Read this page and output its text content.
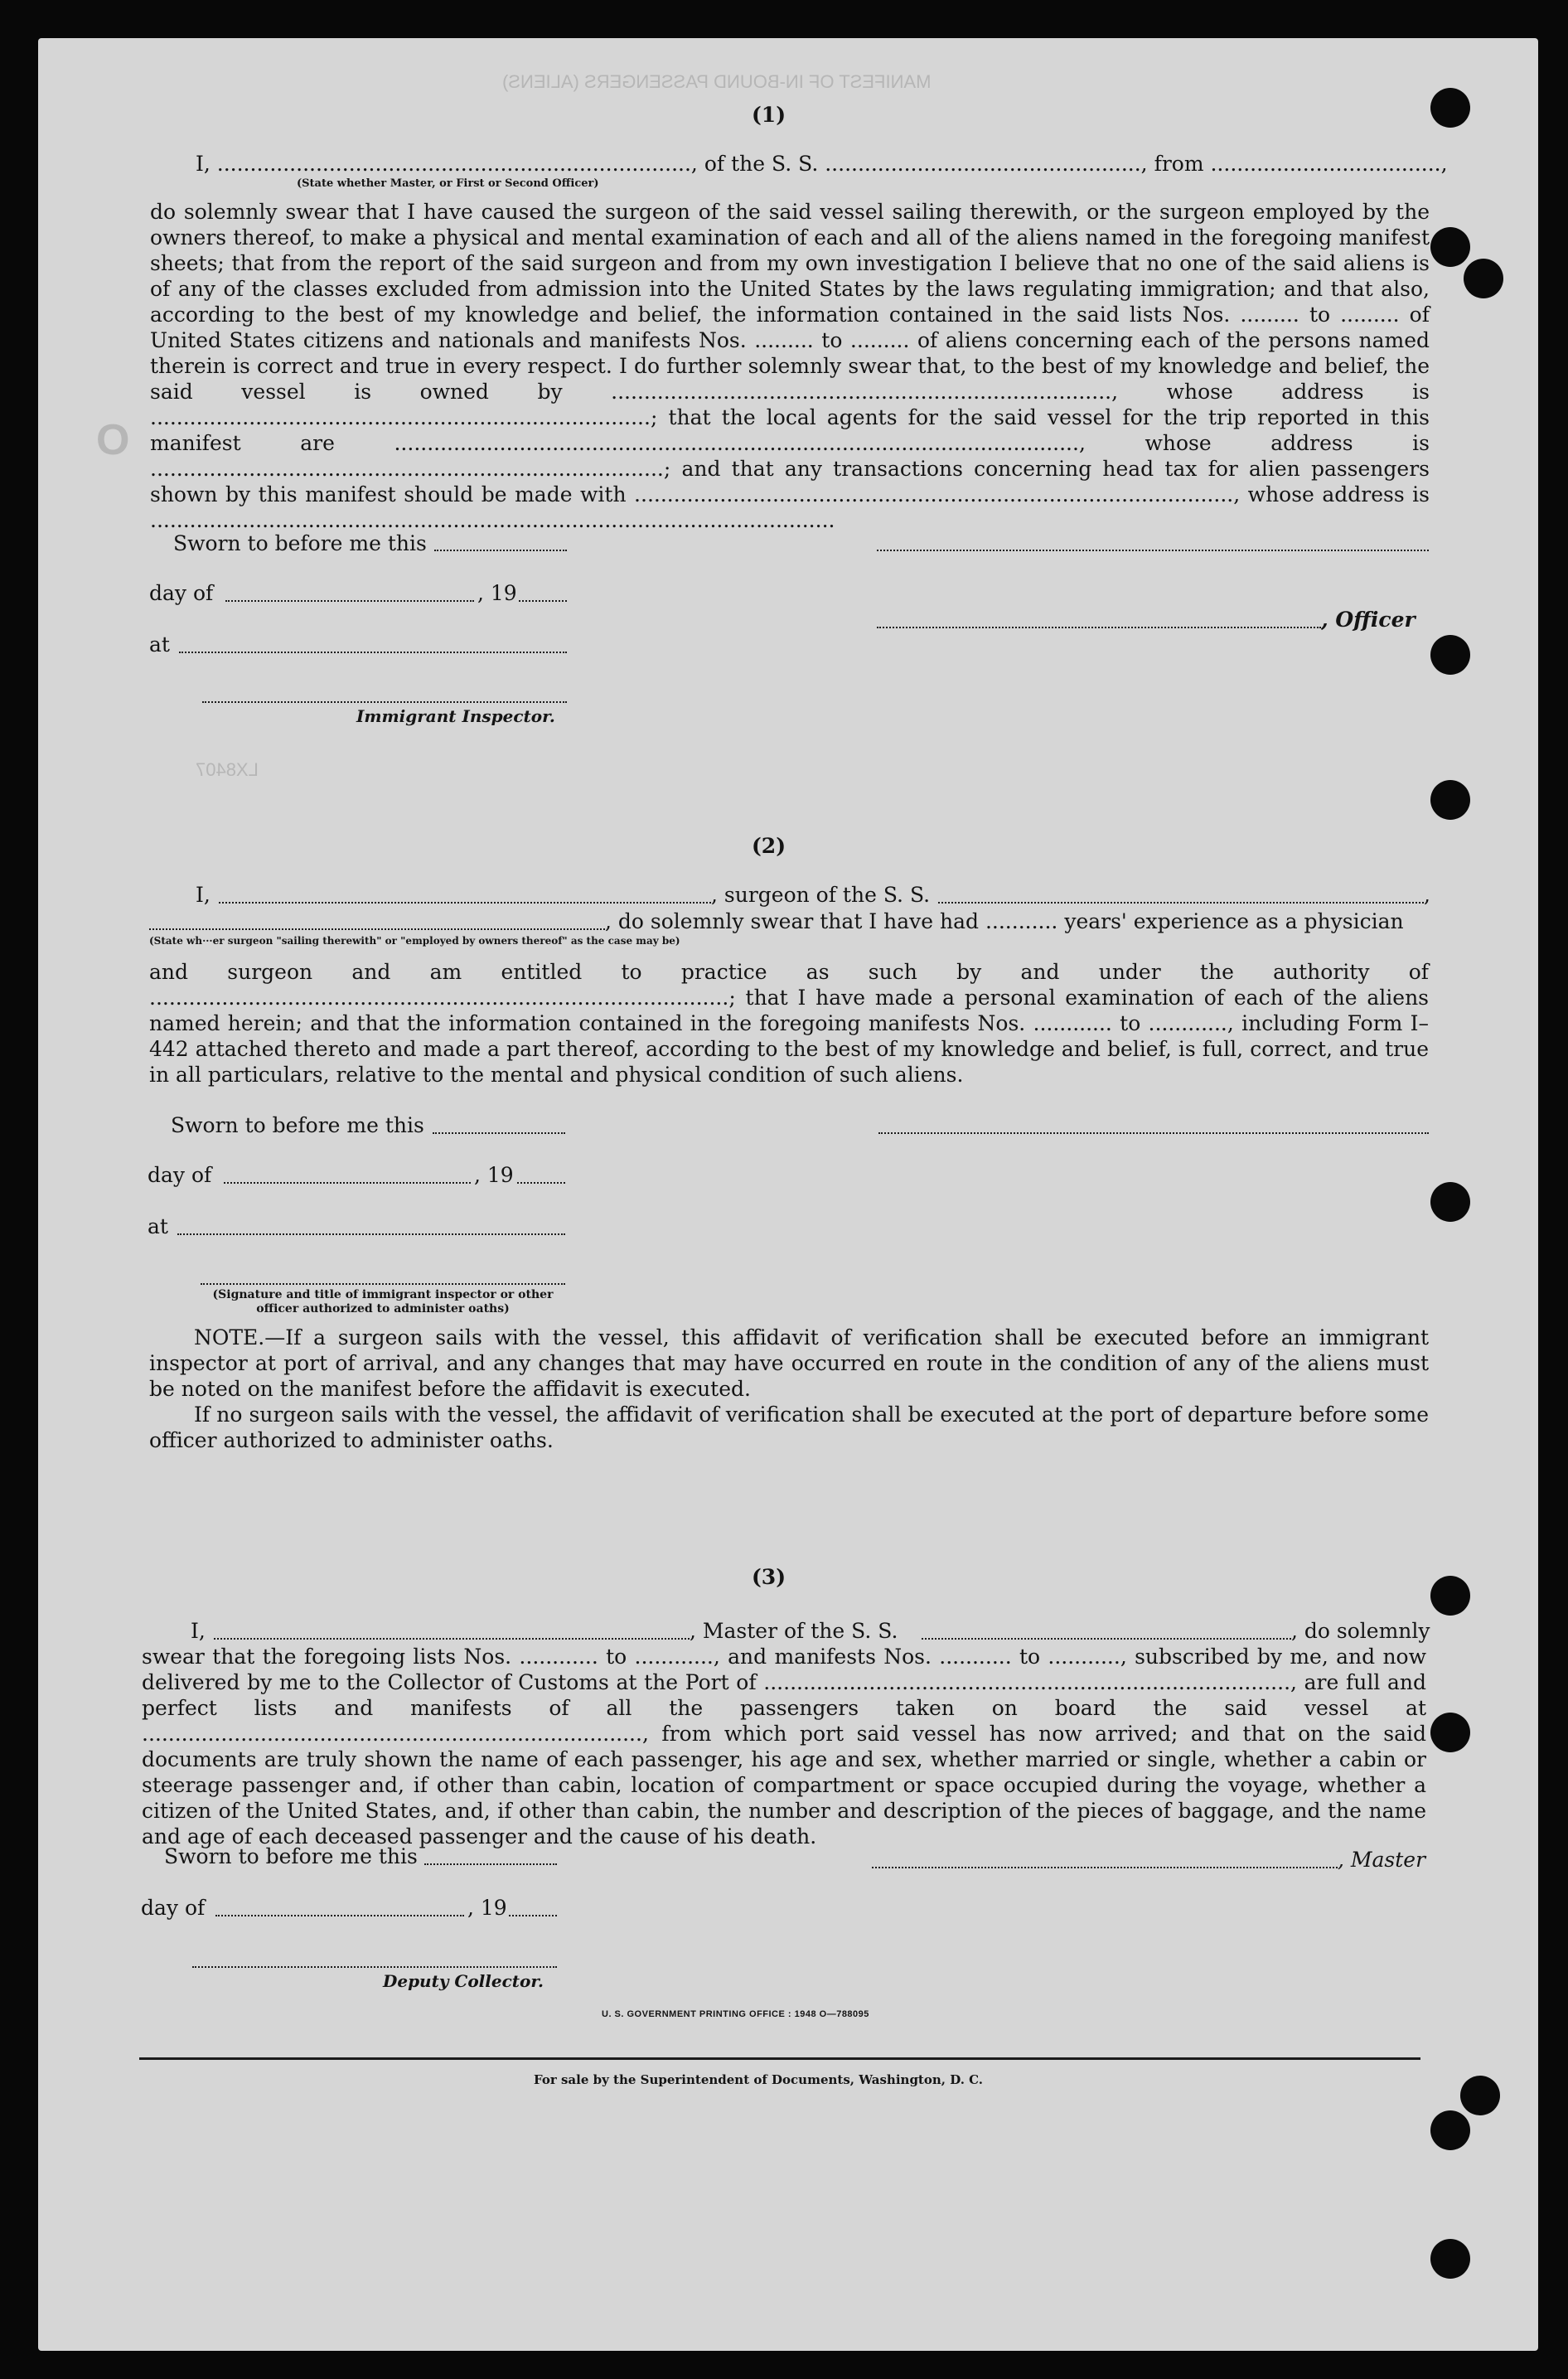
MANIFEST OF IN-BOUND PASSENGERS (ALIENS)
LX8407
O
(1)
I, ........................................................................, of the S. S. ................................................, from ...................................,
(State whether Master, or First or Second Officer)
do solemnly swear that I have caused the surgeon of the said vessel sailing therewith, or the surgeon employed by the owners thereof, to make a physical and mental examination of each and all of the aliens named in the foregoing manifest sheets; that from the report of the said surgeon and from my own investigation I believe that no one of the said aliens is of any of the classes excluded from admission into the United States by the laws regulating immigration; and that also, according to the best of my knowledge and belief, the information contained in the said lists Nos. ......... to ......... of United States citizens and nationals and manifests Nos. ......... to ......... of aliens concerning each of the persons named therein is correct and true in every respect. I do further solemnly swear that, to the best of my knowledge and belief, the said vessel is owned by ............................................................................, whose address is ............................................................................; that the local agents for the said vessel for the trip reported in this manifest are ........................................................................................................, whose address is ..............................................................................; and that any transactions concerning head tax for alien passengers shown by this manifest should be made with ..........................................................................................., whose address is ........................................................................................................
Sworn to before me this
day of	, 19
, Officer
at
Immigrant Inspector.
(2)
I,	, surgeon of the S. S.	,
, do solemnly swear that I have had ........... years' experience as a physician
(State wh···er surgeon "sailing therewith" or "employed by owners thereof" as the case may be)
and surgeon and am entitled to practice as such by and under the authority of ........................................................................................; that I have made a personal examination of each of the aliens named herein; and that the information contained in the foregoing manifests Nos. ............ to ............, including Form I–442 attached thereto and made a part thereof, according to the best of my knowledge and belief, is full, correct, and true in all particulars, relative to the mental and physical condition of such aliens.
Sworn to before me this
day of	, 19
at
(Signature and title of immigrant inspector or other officer authorized to administer oaths)
NOTE.—If a surgeon sails with the vessel, this affidavit of verification shall be executed before an immigrant inspector at port of arrival, and any changes that may have occurred en route in the condition of any of the aliens must be noted on the manifest before the affidavit is executed.
If no surgeon sails with the vessel, the affidavit of verification shall be executed at the port of departure before some officer authorized to administer oaths.
(3)
I,	, Master of the S. S.	, do solemnly
swear that the foregoing lists Nos. ............ to ............, and manifests Nos. ........... to ..........., subscribed by me, and now delivered by me to the Collector of Customs at the Port of ................................................................................, are full and perfect lists and manifests of all the passengers taken on board the said vessel at ............................................................................, from which port said vessel has now arrived; and that on the said documents are truly shown the name of each passenger, his age and sex, whether married or single, whether a cabin or steerage passenger and, if other than cabin, location of compartment or space occupied during the voyage, whether a citizen of the United States, and, if other than cabin, the number and description of the pieces of baggage, and the name and age of each deceased passenger and the cause of his death.
Sworn to before me this	, Master
day of	, 19
Deputy Collector.
U. S. GOVERNMENT PRINTING OFFICE : 1948 O—788095
For sale by the Superintendent of Documents, Washington, D. C.
